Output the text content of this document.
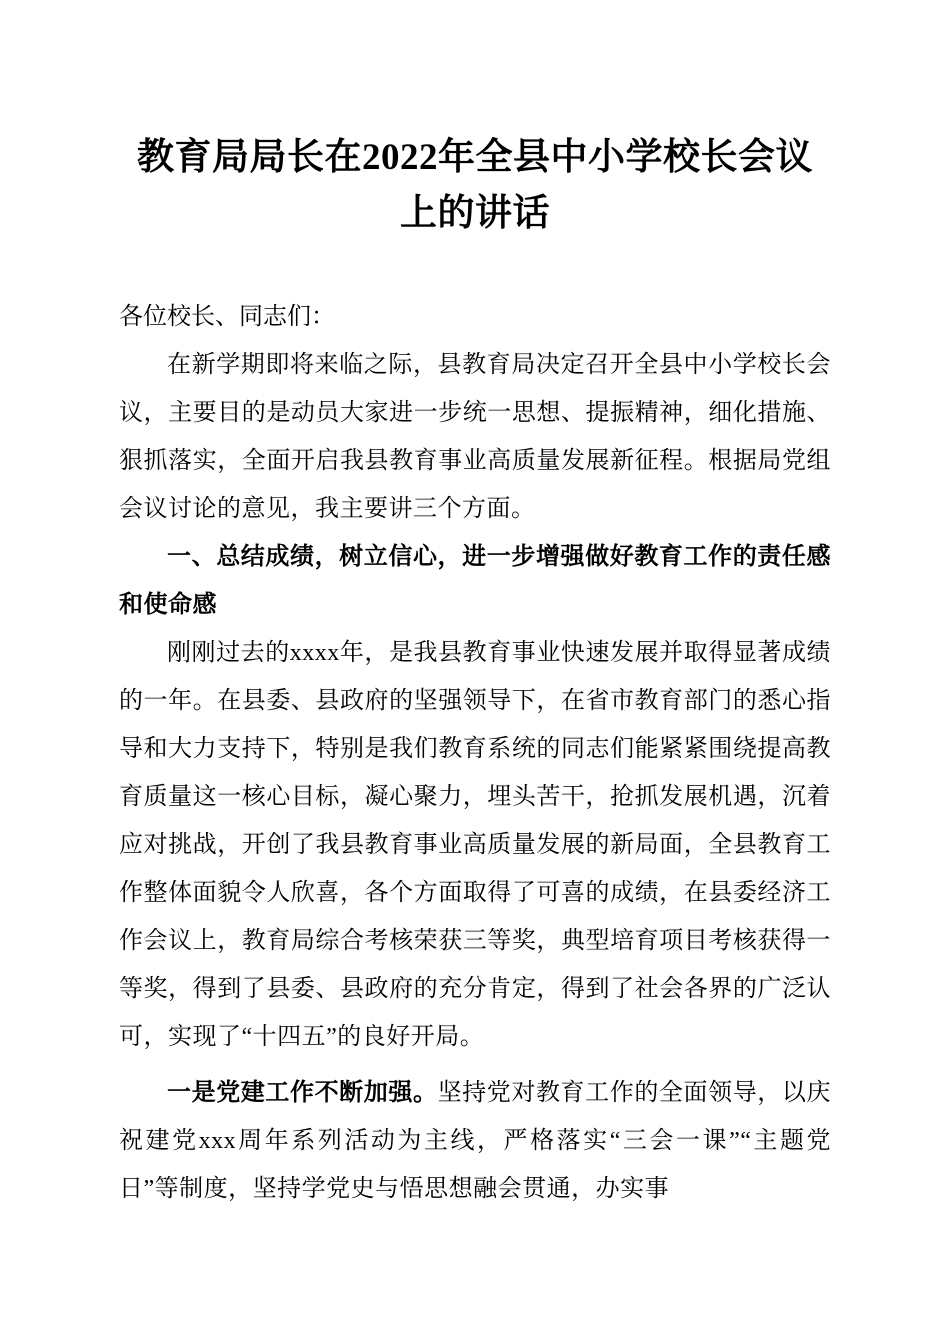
教育局局长在2022年全县中小学校长会议上的讲话

各位校长、同志们：

在新学期即将来临之际，县教育局决定召开全县中小学校长会议，主要目的是动员大家进一步统一思想、提振精神，细化措施、狠抓落实，全面开启我县教育事业高质量发展新征程。根据局党组会议讨论的意见，我主要讲三个方面。

一、总结成绩，树立信心，进一步增强做好教育工作的责任感和使命感

刚刚过去的xxxx年，是我县教育事业快速发展并取得显著成绩的一年。在县委、县政府的坚强领导下，在省市教育部门的悉心指导和大力支持下，特别是我们教育系统的同志们能紧紧围绕提高教育质量这一核心目标，凝心聚力，埋头苦干，抢抓发展机遇，沉着应对挑战，开创了我县教育事业高质量发展的新局面，全县教育工作整体面貌令人欣喜，各个方面取得了可喜的成绩，在县委经济工作会议上，教育局综合考核荣获三等奖，典型培育项目考核获得一等奖，得到了县委、县政府的充分肯定，得到了社会各界的广泛认可，实现了“十四五”的良好开局。

一是党建工作不断加强。坚持党对教育工作的全面领导，以庆祝建党xxx周年系列活动为主线，严格落实“三会一课”“主题党日”等制度，坚持学党史与悟思想融会贯通，办实事
